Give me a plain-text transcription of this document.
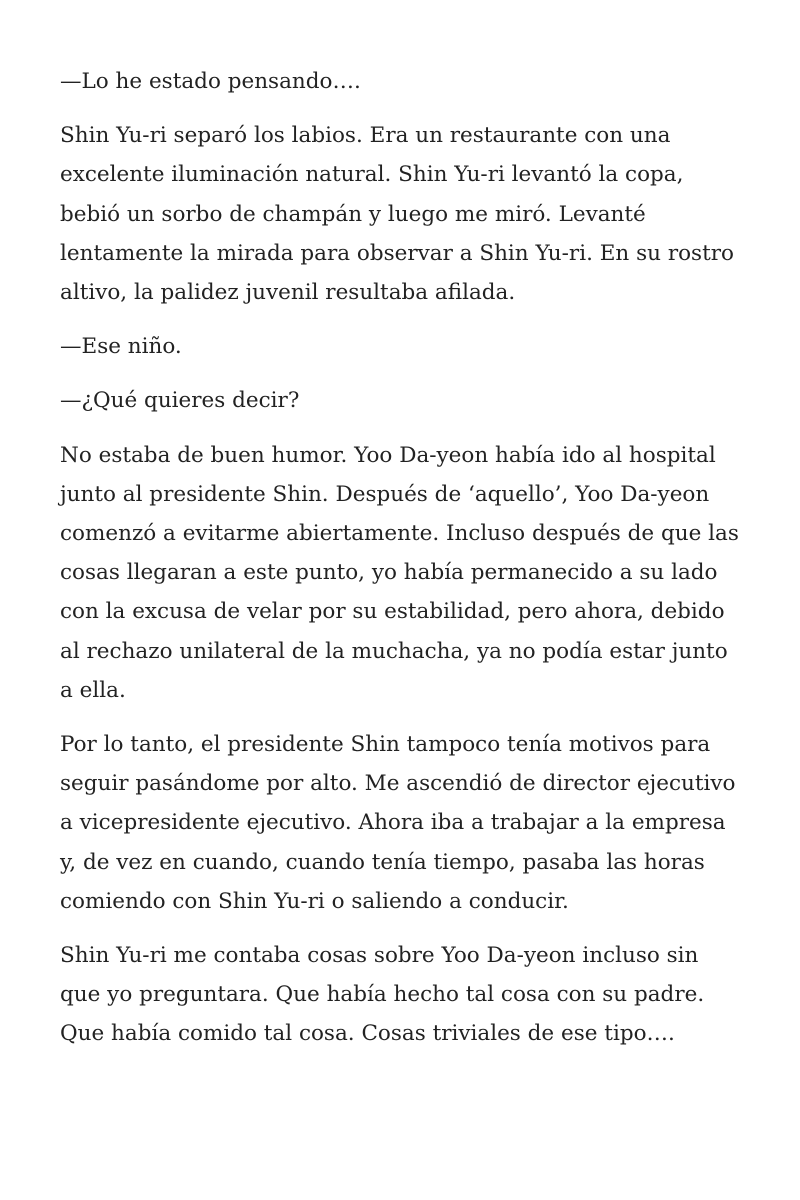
—Lo he estado pensando….

Shin Yu-ri separó los labios. Era un restaurante con una excelente iluminación natural. Shin Yu-ri levantó la copa, bebió un sorbo de champán y luego me miró. Levanté lentamente la mirada para observar a Shin Yu-ri. En su rostro altivo, la palidez juvenil resultaba afilada.

—Ese niño.

—¿Qué quieres decir?

No estaba de buen humor. Yoo Da-yeon había ido al hospital junto al presidente Shin. Después de ‘aquello’, Yoo Da-yeon comenzó a evitarme abiertamente. Incluso después de que las cosas llegaran a este punto, yo había permanecido a su lado con la excusa de velar por su estabilidad, pero ahora, debido al rechazo unilateral de la muchacha, ya no podía estar junto a ella.

Por lo tanto, el presidente Shin tampoco tenía motivos para seguir pasándome por alto. Me ascendió de director ejecutivo a vicepresidente ejecutivo. Ahora iba a trabajar a la empresa y, de vez en cuando, cuando tenía tiempo, pasaba las horas comiendo con Shin Yu-ri o saliendo a conducir.

Shin Yu-ri me contaba cosas sobre Yoo Da-yeon incluso sin que yo preguntara. Que había hecho tal cosa con su padre. Que había comido tal cosa. Cosas triviales de ese tipo….
